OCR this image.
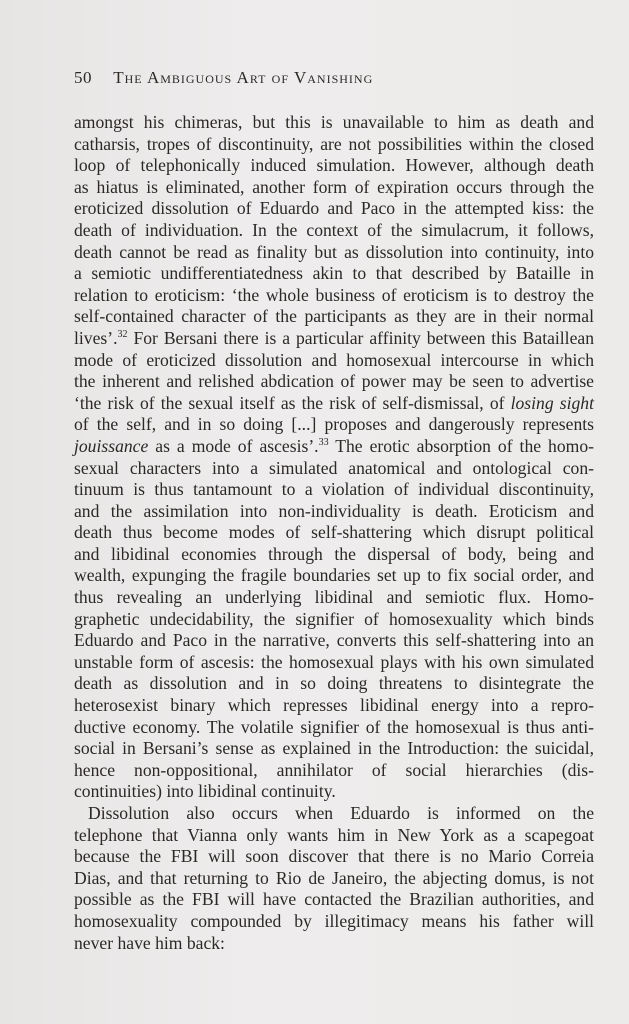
50 The Ambiguous Art of Vanishing
amongst his chimeras, but this is unavailable to him as death and
catharsis, tropes of discontinuity, are not possibilities within the closed
loop of telephonically induced simulation. However, although death
as hiatus is eliminated, another form of expiration occurs through the
eroticized dissolution of Eduardo and Paco in the attempted kiss: the
death of individuation. In the context of the simulacrum, it follows,
death cannot be read as finality but as dissolution into continuity, into
a semiotic undifferentiatedness akin to that described by Bataille in
relation to eroticism: ‘the whole business of eroticism is to destroy the
self-contained character of the participants as they are in their normal
lives’.$^{32}$ For Bersani there is a particular affinity between this Bataillean
mode of eroticized dissolution and homosexual intercourse in which
the inherent and relished abdication of power may be seen to advertise
‘the risk of the sexual itself as the risk of self-dismissal, of losing sight
of the self, and in so doing [...] proposes and dangerously represents
jouissance as a mode of ascesis’.$^{33}$ The erotic absorption of the homo-
sexual characters into a simulated anatomical and ontological con-
tinuum is thus tantamount to a violation of individual discontinuity,
and the assimilation into non-individuality is death. Eroticism and
death thus become modes of self-shattering which disrupt political
and libidinal economies through the dispersal of body, being and
wealth, expunging the fragile boundaries set up to fix social order, and
thus revealing an underlying libidinal and semiotic flux. Homo-
graphetic undecidability, the signifier of homosexuality which binds
Eduardo and Paco in the narrative, converts this self-shattering into an
unstable form of ascesis: the homosexual plays with his own simulated
death as dissolution and in so doing threatens to disintegrate the
heterosexist binary which represses libidinal energy into a repro-
ductive economy. The volatile signifier of the homosexual is thus anti-
social in Bersani’s sense as explained in the Introduction: the suicidal,
hence non-oppositional, annihilator of social hierarchies (dis-
continuities) into libidinal continuity.
Dissolution also occurs when Eduardo is informed on the
telephone that Vianna only wants him in New York as a scapegoat
because the FBI will soon discover that there is no Mario Correia
Dias, and that returning to Rio de Janeiro, the abjecting domus, is not
possible as the FBI will have contacted the Brazilian authorities, and
homosexuality compounded by illegitimacy means his father will
never have him back:
